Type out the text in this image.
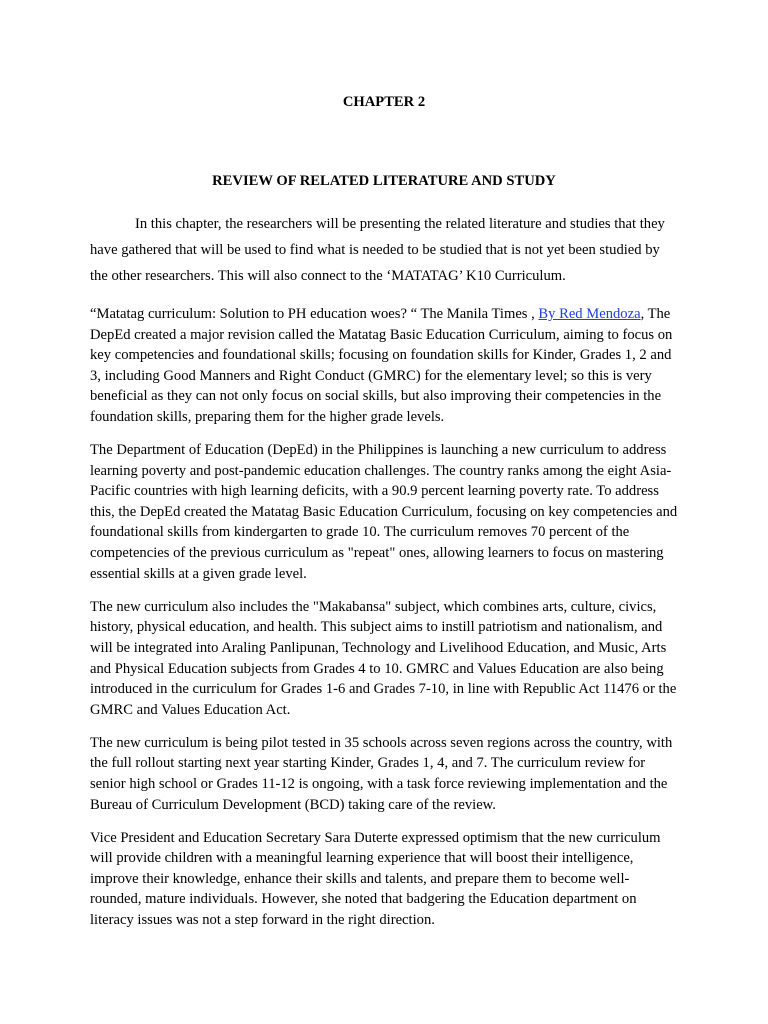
CHAPTER 2
REVIEW OF RELATED LITERATURE AND STUDY

In this chapter, the researchers will be presenting the related literature and studies that they have gathered that will be used to find what is needed to be studied that is not yet been studied by the other researchers. This will also connect to the ‘MATATAG’ K10 Curriculum.

“Matatag curriculum: Solution to PH education woes? “ The Manila Times , By Red Mendoza, The DepEd created a major revision called the Matatag Basic Education Curriculum, aiming to focus on key competencies and foundational skills; focusing on foundation skills for Kinder, Grades 1, 2 and 3, including Good Manners and Right Conduct (GMRC) for the elementary level; so this is very beneficial as they can not only focus on social skills, but also improving their competencies in the foundation skills, preparing them for the higher grade levels.

The Department of Education (DepEd) in the Philippines is launching a new curriculum to address learning poverty and post-pandemic education challenges. The country ranks among the eight Asia-Pacific countries with high learning deficits, with a 90.9 percent learning poverty rate. To address this, the DepEd created the Matatag Basic Education Curriculum, focusing on key competencies and foundational skills from kindergarten to grade 10. The curriculum removes 70 percent of the competencies of the previous curriculum as "repeat" ones, allowing learners to focus on mastering essential skills at a given grade level.

The new curriculum also includes the "Makabansa" subject, which combines arts, culture, civics, history, physical education, and health. This subject aims to instill patriotism and nationalism, and will be integrated into Araling Panlipunan, Technology and Livelihood Education, and Music, Arts and Physical Education subjects from Grades 4 to 10. GMRC and Values Education are also being introduced in the curriculum for Grades 1-6 and Grades 7-10, in line with Republic Act 11476 or the GMRC and Values Education Act.

The new curriculum is being pilot tested in 35 schools across seven regions across the country, with the full rollout starting next year starting Kinder, Grades 1, 4, and 7. The curriculum review for senior high school or Grades 11-12 is ongoing, with a task force reviewing implementation and the Bureau of Curriculum Development (BCD) taking care of the review.

Vice President and Education Secretary Sara Duterte expressed optimism that the new curriculum will provide children with a meaningful learning experience that will boost their intelligence, improve their knowledge, enhance their skills and talents, and prepare them to become well-rounded, mature individuals. However, she noted that badgering the Education department on literacy issues was not a step forward in the right direction.
